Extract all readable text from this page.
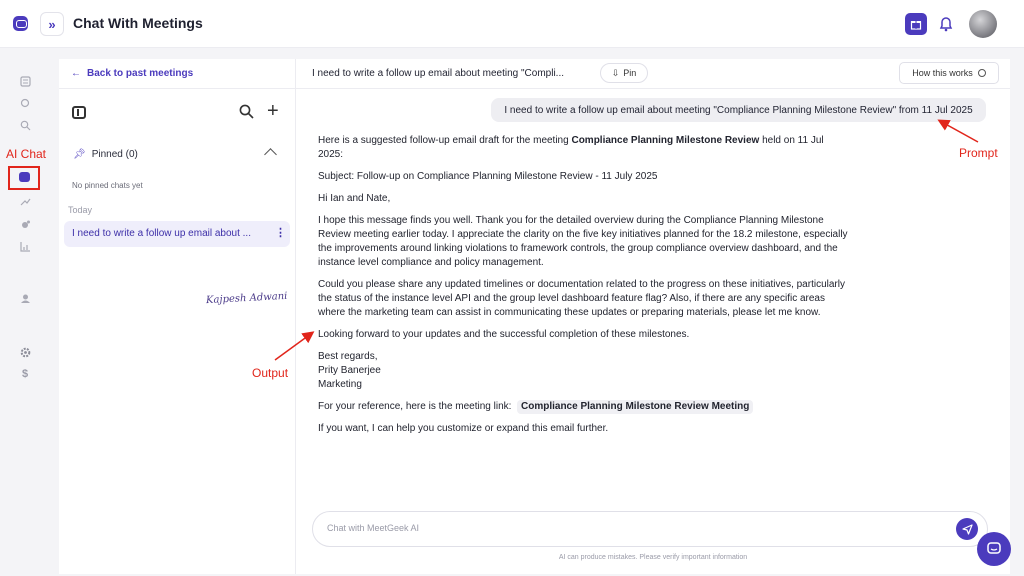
»	Chat With Meetings
AI Chat
$
← Back to past meetings
+
📌︎ Pinned (0)
No pinned chats yet
Today
I need to write a follow up email about ...	⋮
Kajpesh Adwani
I need to write a follow up email about meeting "Compli...	⇩ Pin	How this works
I need to write a follow up email about meeting "Compliance Planning Milestone Review" from 11 Jul 2025

Here is a suggested follow-up email draft for the meeting Compliance Planning Milestone Review held on 11 Jul 2025:

Subject: Follow-up on Compliance Planning Milestone Review - 11 July 2025

Hi Ian and Nate,

I hope this message finds you well. Thank you for the detailed overview during the Compliance Planning Milestone Review meeting earlier today. I appreciate the clarity on the five key initiatives planned for the 18.2 milestone, especially the improvements around linking violations to framework controls, the group compliance overview dashboard, and the instance level compliance and policy management.

Could you please share any updated timelines or documentation related to the progress on these initiatives, particularly the status of the instance level API and the group level dashboard feature flag? Also, if there are any specific areas where the marketing team can assist in communicating these updates or preparing materials, please let me know.

Looking forward to your updates and the successful completion of these milestones.

Best regards,
Prity Banerjee
Marketing

For your reference, here is the meeting link: Compliance Planning Milestone Review Meeting

If you want, I can help you customize or expand this email further.

Chat with MeetGeek AI
AI can produce mistakes. Please verify important information
Prompt
Output
